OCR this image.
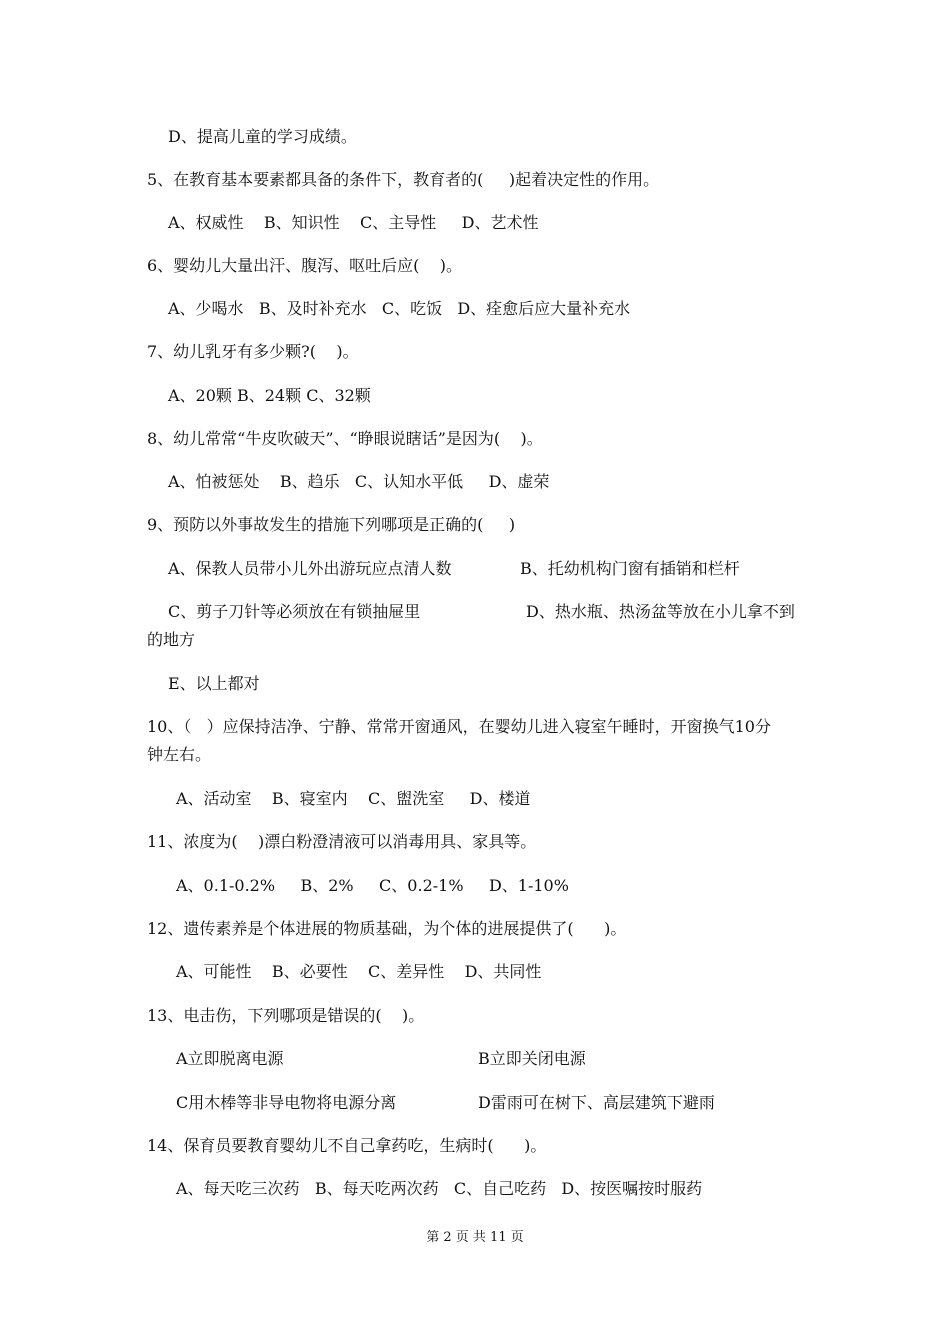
D、提高儿童的学习成绩。
5、在教育基本要素都具备的条件下，教育者的(     )起着决定性的作用。
A、权威性    B、知识性    C、主导性     D、艺术性
6、婴幼儿大量出汗、腹泻、呕吐后应(    )。
A、少喝水   B、及时补充水   C、吃饭   D、痊愈后应大量补充水
7、幼儿乳牙有多少颗?(    )。
A、20颗 B、24颗 C、32颗
8、幼儿常常“牛皮吹破天”、“睁眼说瞎话”是因为(    )。
A、怕被惩处    B、趋乐   C、认知水平低     D、虚荣
9、预防以外事故发生的措施下列哪项是正确的(     )
A、保教人员带小儿外出游玩应点清人数	B、托幼机构门窗有插销和栏杆
C、剪子刀针等必须放在有锁抽屉里	D、热水瓶、热汤盆等放在小儿拿不到
的地方
E、以上都对
10、（   ）应保持洁净、宁静、常常开窗通风，在婴幼儿进入寝室午睡时，开窗换气10分
钟左右。
A、活动室    B、寝室内    C、盥洗室     D、楼道
11、浓度为(    )漂白粉澄清液可以消毒用具、家具等。
A、0.1-0.2%     B、2%     C、0.2-1%     D、1-10%
12、遗传素养是个体进展的物质基础，为个体的进展提供了(      )。
A、可能性    B、必要性    C、差异性    D、共同性
13、电击伤，下列哪项是错误的(    )。
A立即脱离电源	B立即关闭电源
C用木棒等非导电物将电源分离	D雷雨可在树下、高层建筑下避雨
14、保育员要教育婴幼儿不自己拿药吃，生病时(      )。
A、每天吃三次药   B、每天吃两次药   C、自己吃药   D、按医嘱按时服药
第 2 页 共 11 页
